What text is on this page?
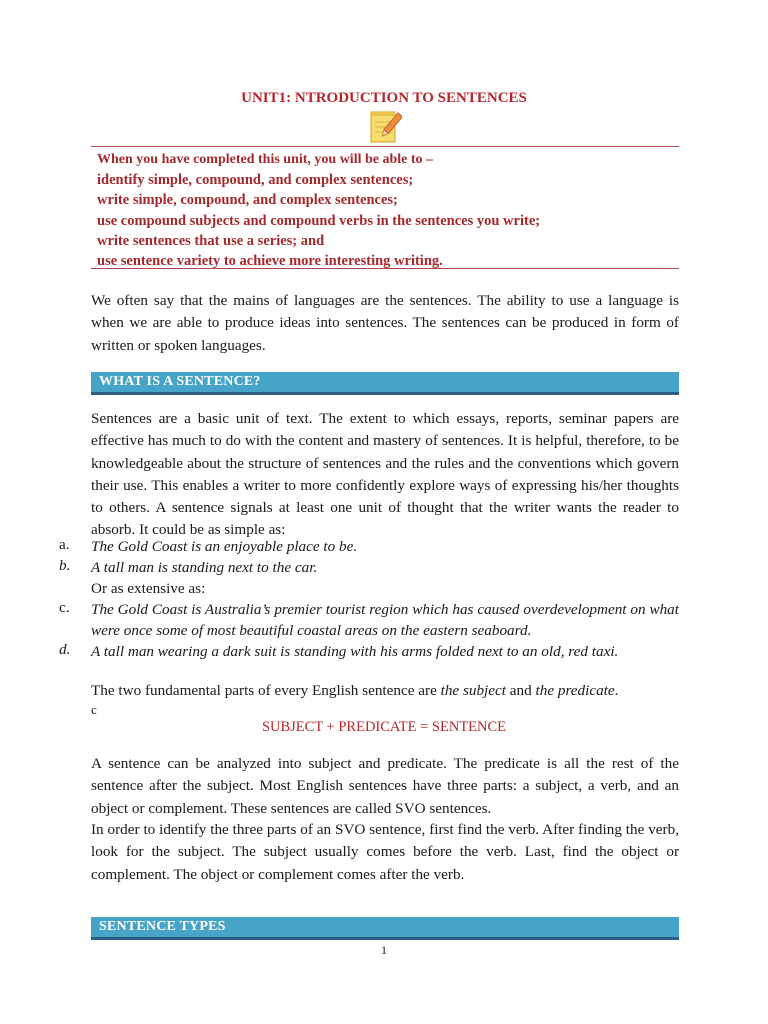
UNIT1: NTRODUCTION TO SENTENCES
When you have completed this unit, you will be able to –
identify simple, compound, and complex sentences;
write simple, compound, and complex sentences;
use compound subjects and compound verbs in the sentences you write;
write sentences that use a series; and
use sentence variety to achieve more interesting writing.

We often say that the mains of languages are the sentences. The ability to use a language is when we are able to produce ideas into sentences. The sentences can be produced in form of written or spoken languages.

WHAT IS A SENTENCE?

Sentences are a basic unit of text. The extent to which essays, reports, seminar papers are effective has much to do with the content and mastery of sentences. It is helpful, therefore, to be knowledgeable about the structure of sentences and the rules and the conventions which govern their use. This enables a writer to more confidently explore ways of expressing his/her thoughts to others. A sentence signals at least one unit of thought that the writer wants the reader to absorb. It could be as simple as:

a. The Gold Coast is an enjoyable place to be.
b. A tall man is standing next to the car.
Or as extensive as:
c. The Gold Coast is Australia’s premier tourist region which has caused overdevelopment on what were once some of most beautiful coastal areas on the eastern seaboard.
d. A tall man wearing a dark suit is standing with his arms folded next to an old, red taxi.
The two fundamental parts of every English sentence are the subject and the predicate.
c
SUBJECT + PREDICATE = SENTENCE

A sentence can be analyzed into subject and predicate. The predicate is all the rest of the sentence after the subject. Most English sentences have three parts: a subject, a verb, and an object or complement. These sentences are called SVO sentences.

In order to identify the three parts of an SVO sentence, first find the verb. After finding the verb, look for the subject. The subject usually comes before the verb. Last, find the object or complement. The object or complement comes after the verb.

SENTENCE TYPES
1
